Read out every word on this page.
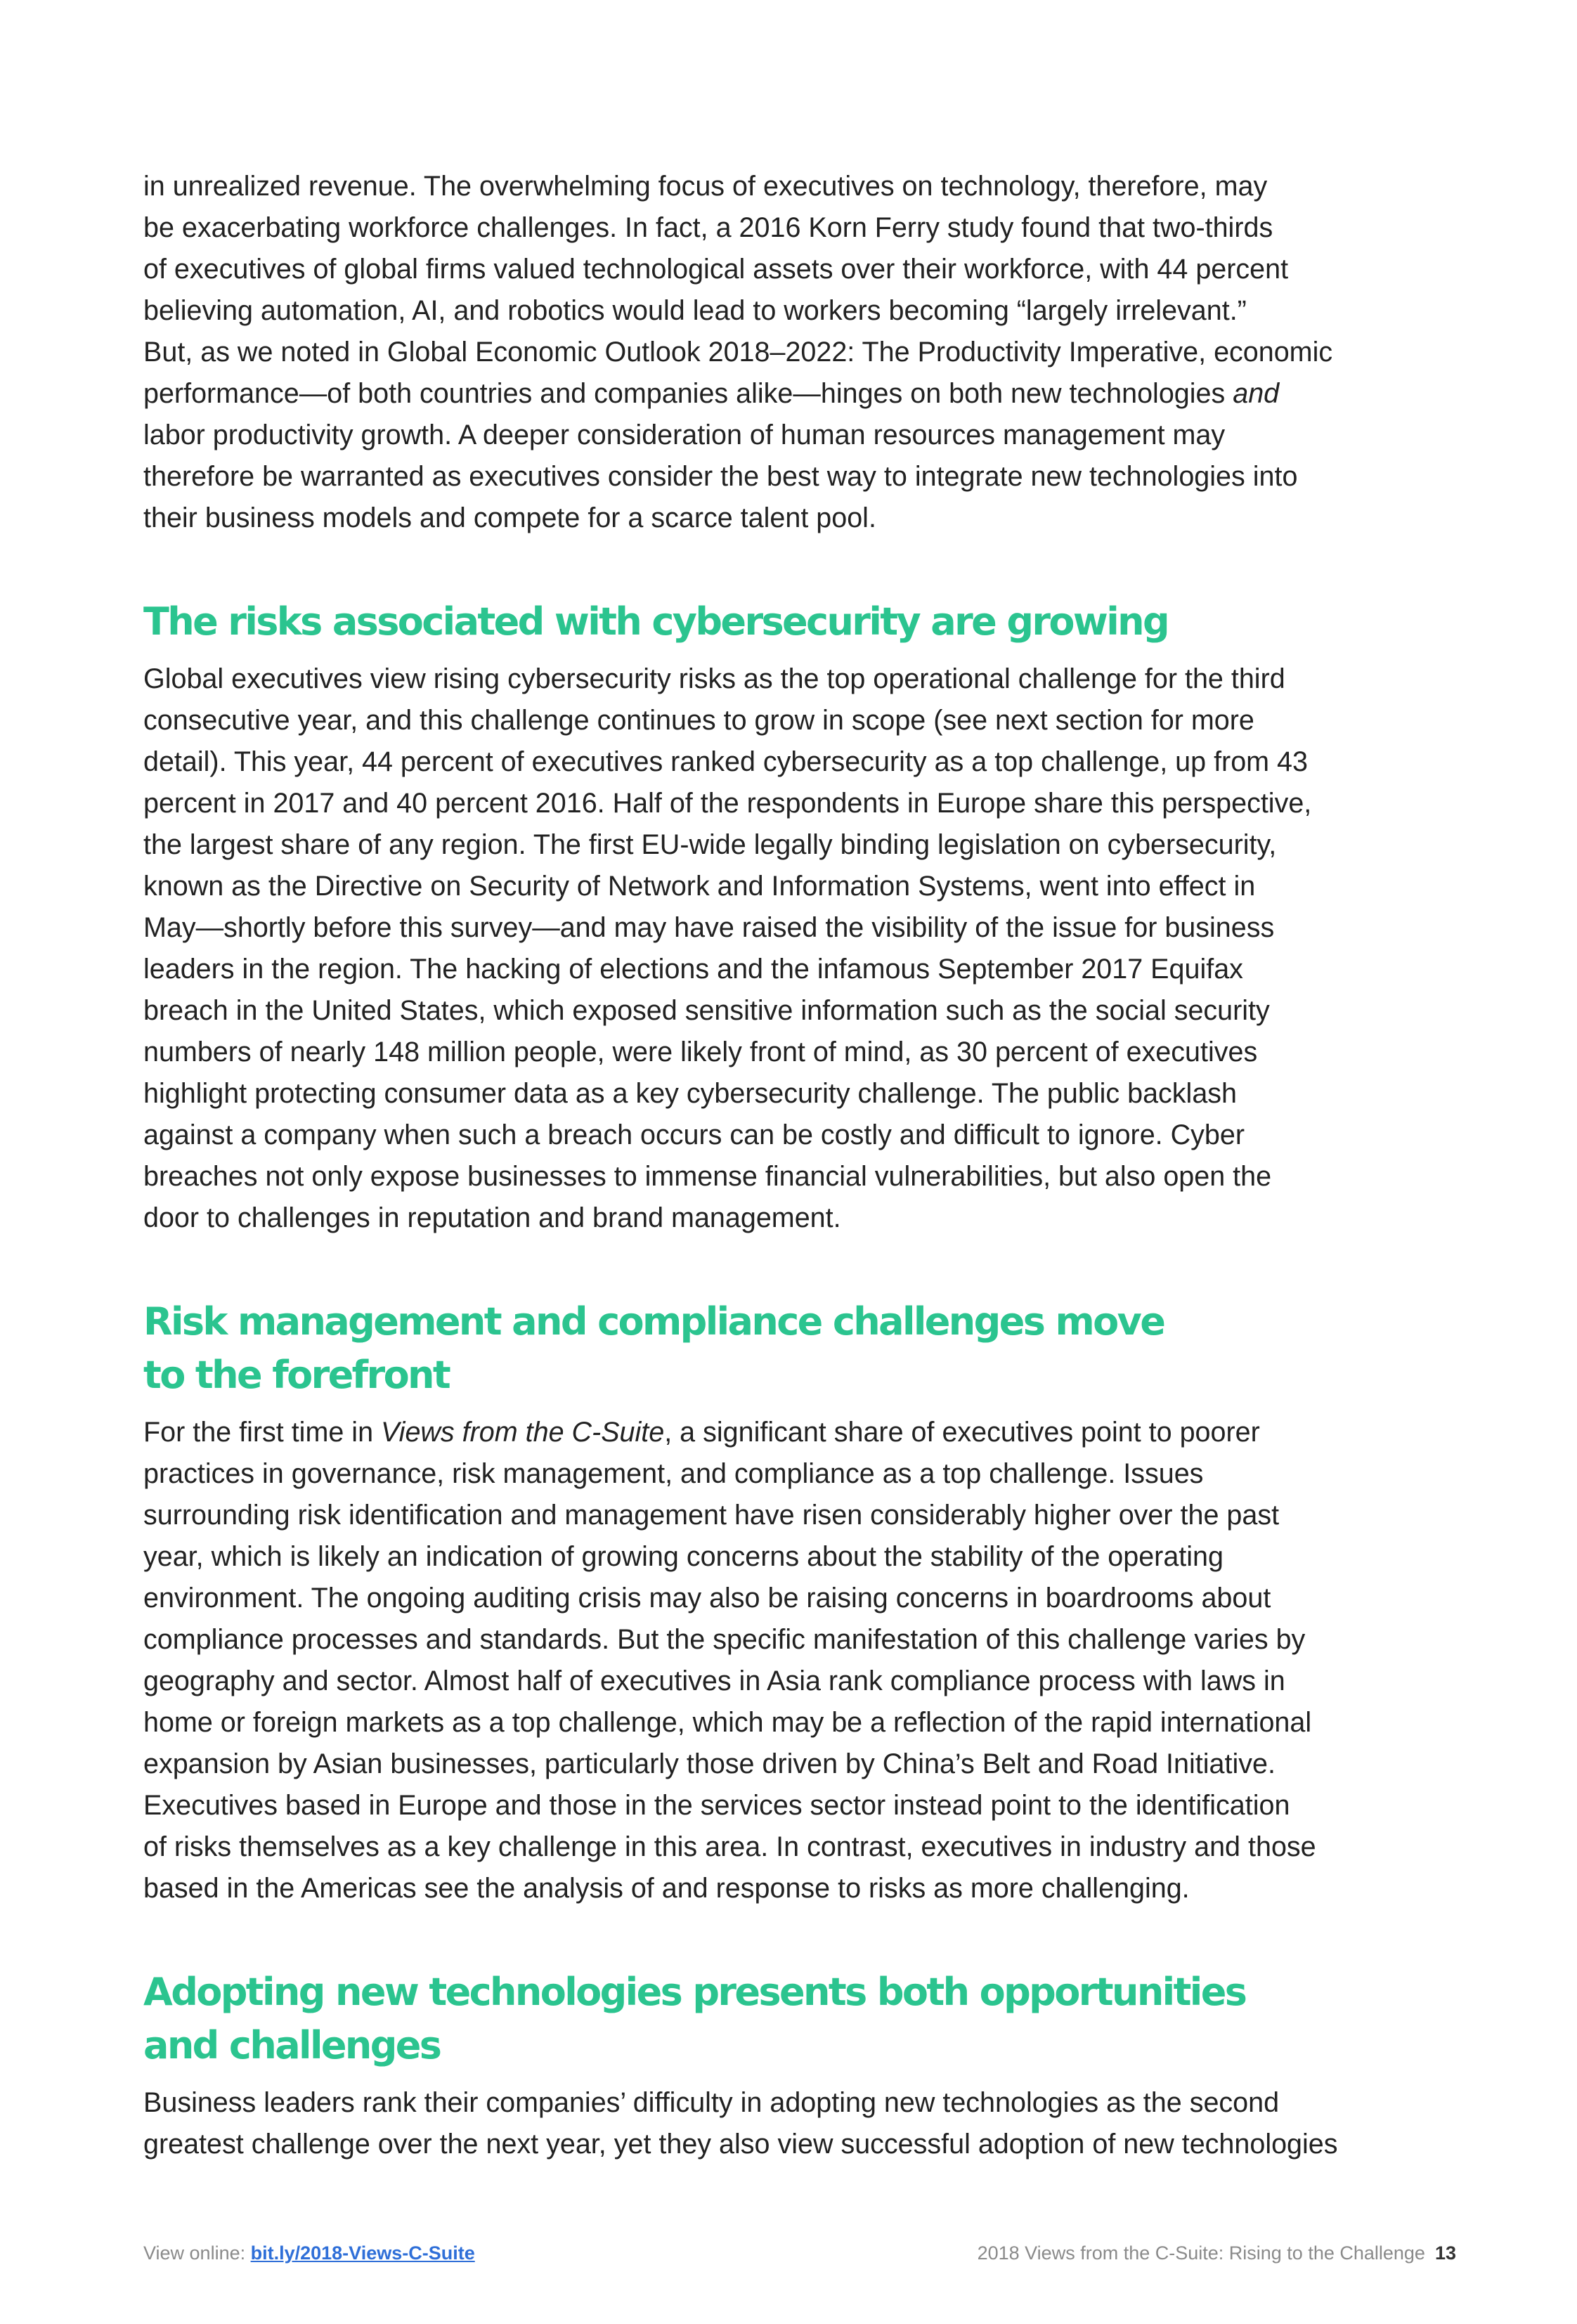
in unrealized revenue. The overwhelming focus of executives on technology, therefore, may
be exacerbating workforce challenges. In fact, a 2016 Korn Ferry study found that two-thirds
of executives of global firms valued technological assets over their workforce, with 44 percent
believing automation, AI, and robotics would lead to workers becoming “largely irrelevant.”
But, as we noted in Global Economic Outlook 2018–2022: The Productivity Imperative, economic
performance—of both countries and companies alike—hinges on both new technologies and
labor productivity growth. A deeper consideration of human resources management may
therefore be warranted as executives consider the best way to integrate new technologies into
their business models and compete for a scarce talent pool.

The risks associated with cybersecurity are growing

Global executives view rising cybersecurity risks as the top operational challenge for the third
consecutive year, and this challenge continues to grow in scope (see next section for more
detail). This year, 44 percent of executives ranked cybersecurity as a top challenge, up from 43
percent in 2017 and 40 percent 2016. Half of the respondents in Europe share this perspective,
the largest share of any region. The first EU-wide legally binding legislation on cybersecurity,
known as the Directive on Security of Network and Information Systems, went into effect in
May—shortly before this survey—and may have raised the visibility of the issue for business
leaders in the region. The hacking of elections and the infamous September 2017 Equifax
breach in the United States, which exposed sensitive information such as the social security
numbers of nearly 148 million people, were likely front of mind, as 30 percent of executives
highlight protecting consumer data as a key cybersecurity challenge. The public backlash
against a company when such a breach occurs can be costly and difficult to ignore. Cyber
breaches not only expose businesses to immense financial vulnerabilities, but also open the
door to challenges in reputation and brand management.

Risk management and compliance challenges move
to the forefront

For the first time in Views from the C-Suite, a significant share of executives point to poorer
practices in governance, risk management, and compliance as a top challenge. Issues
surrounding risk identification and management have risen considerably higher over the past
year, which is likely an indication of growing concerns about the stability of the operating
environment. The ongoing auditing crisis may also be raising concerns in boardrooms about
compliance processes and standards. But the specific manifestation of this challenge varies by
geography and sector. Almost half of executives in Asia rank compliance process with laws in
home or foreign markets as a top challenge, which may be a reflection of the rapid international
expansion by Asian businesses, particularly those driven by China’s Belt and Road Initiative.
Executives based in Europe and those in the services sector instead point to the identification
of risks themselves as a key challenge in this area. In contrast, executives in industry and those
based in the Americas see the analysis of and response to risks as more challenging.

Adopting new technologies presents both opportunities
and challenges

Business leaders rank their companies’ difficulty in adopting new technologies as the second
greatest challenge over the next year, yet they also view successful adoption of new technologies

View online: bit.ly/2018-Views-C-Suite	2018 Views from the C-Suite: Rising to the Challenge 13
